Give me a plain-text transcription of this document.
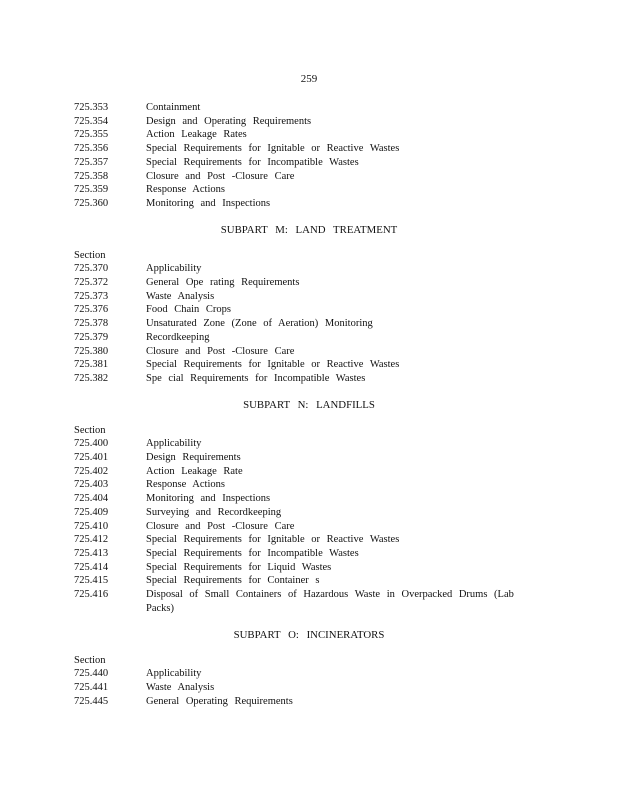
259
725.353	Containment
725.354	Design and Operating Requirements
725.355	Action Leakage Rates
725.356	Special Requirements for Ignitable or Reactive Wastes
725.357	Special Requirements for Incompatible Wastes
725.358	Closure and Post -Closure Care
725.359	Response Actions
725.360	Monitoring and Inspections
SUBPART M: LAND TREATMENT
Section
725.370	Applicability
725.372	General Ope rating Requirements
725.373	Waste Analysis
725.376	Food Chain Crops
725.378	Unsaturated Zone (Zone of Aeration) Monitoring
725.379	Recordkeeping
725.380	Closure and Post -Closure Care
725.381	Special Requirements for Ignitable or Reactive Wastes
725.382	Spe cial Requirements for Incompatible Wastes
SUBPART N: LANDFILLS
Section
725.400	Applicability
725.401	Design Requirements
725.402	Action Leakage Rate
725.403	Response Actions
725.404	Monitoring and Inspections
725.409	Surveying and Recordkeeping
725.410	Closure and Post -Closure Care
725.412	Special Requirements for Ignitable or Reactive Wastes
725.413	Special Requirements for Incompatible Wastes
725.414	Special Requirements for Liquid Wastes
725.415	Special Requirements for Container s
725.416	Disposal of Small Containers of Hazardous Waste in Overpacked Drums (Lab Packs)
SUBPART O: INCINERATORS
Section
725.440	Applicability
725.441	Waste Analysis
725.445	General Operating Requirements
